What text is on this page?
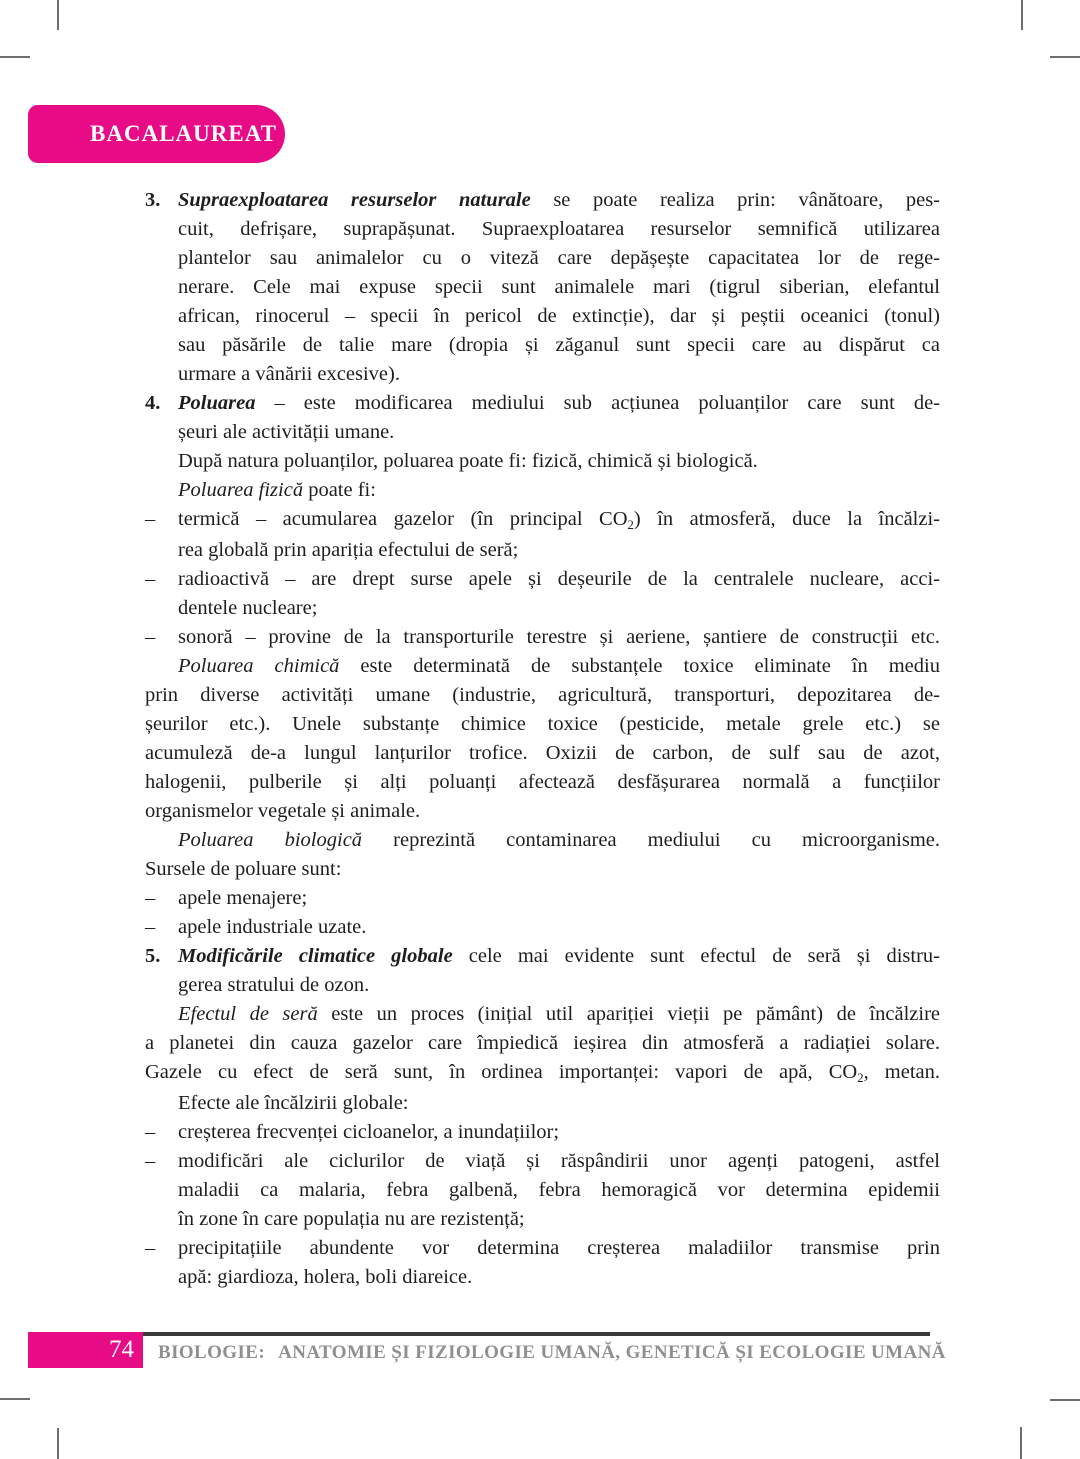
BACALAUREAT
3. Supraexploatarea resurselor naturale se poate realiza prin: vânătoare, pes-
cuit, defrișare, suprapășunat. Supraexploatarea resurselor semnifică utilizarea
plantelor sau animalelor cu o viteză care depășește capacitatea lor de rege-
nerare. Cele mai expuse specii sunt animalele mari (tigrul siberian, elefantul
african, rinocerul – specii în pericol de extincție), dar și peștii oceanici (tonul)
sau păsările de talie mare (dropia și zăganul sunt specii care au dispărut ca
urmare a vânării excesive).
4. Poluarea – este modificarea mediului sub acțiunea poluanților care sunt de-
șeuri ale activității umane.
După natura poluanților, poluarea poate fi: fizică, chimică și biologică.
Poluarea fizică poate fi:
– termică – acumularea gazelor (în principal CO2) în atmosferă, duce la încălzi-
rea globală prin apariția efectului de seră;
– radioactivă – are drept surse apele și deșeurile de la centralele nucleare, acci-
dentele nucleare;
– sonoră – provine de la transporturile terestre și aeriene, șantiere de construcții etc.
Poluarea chimică este determinată de substanțele toxice eliminate în mediu
prin diverse activități umane (industrie, agricultură, transporturi, depozitarea de-
șeurilor etc.). Unele substanțe chimice toxice (pesticide, metale grele etc.) se
acumuleză de-a lungul lanțurilor trofice. Oxizii de carbon, de sulf sau de azot,
halogenii, pulberile și alți poluanți afectează desfășurarea normală a funcțiilor
organismelor vegetale și animale.
Poluarea biologică reprezintă contaminarea mediului cu microorganisme.
Sursele de poluare sunt:
– apele menajere;
– apele industriale uzate.
5. Modificările climatice globale cele mai evidente sunt efectul de seră și distru-
gerea stratului de ozon.
Efectul de seră este un proces (inițial util apariției vieții pe pământ) de încălzire
a planetei din cauza gazelor care împiedică ieșirea din atmosferă a radiației solare.
Gazele cu efect de seră sunt, în ordinea importanței: vapori de apă, CO2, metan.
Efecte ale încălzirii globale:
– creșterea frecvenței cicloanelor, a inundațiilor;
– modificări ale ciclurilor de viață și răspândirii unor agenți patogeni, astfel
maladii ca malaria, febra galbenă, febra hemoragică vor determina epidemii
în zone în care populația nu are rezistență;
– precipitațiile abundente vor determina creșterea maladiilor transmise prin
apă: giardioza, holera, boli diareice.
74 BIOLOGIE: ANATOMIE ȘI FIZIOLOGIE UMANĂ, GENETICĂ ȘI ECOLOGIE UMANĂ
